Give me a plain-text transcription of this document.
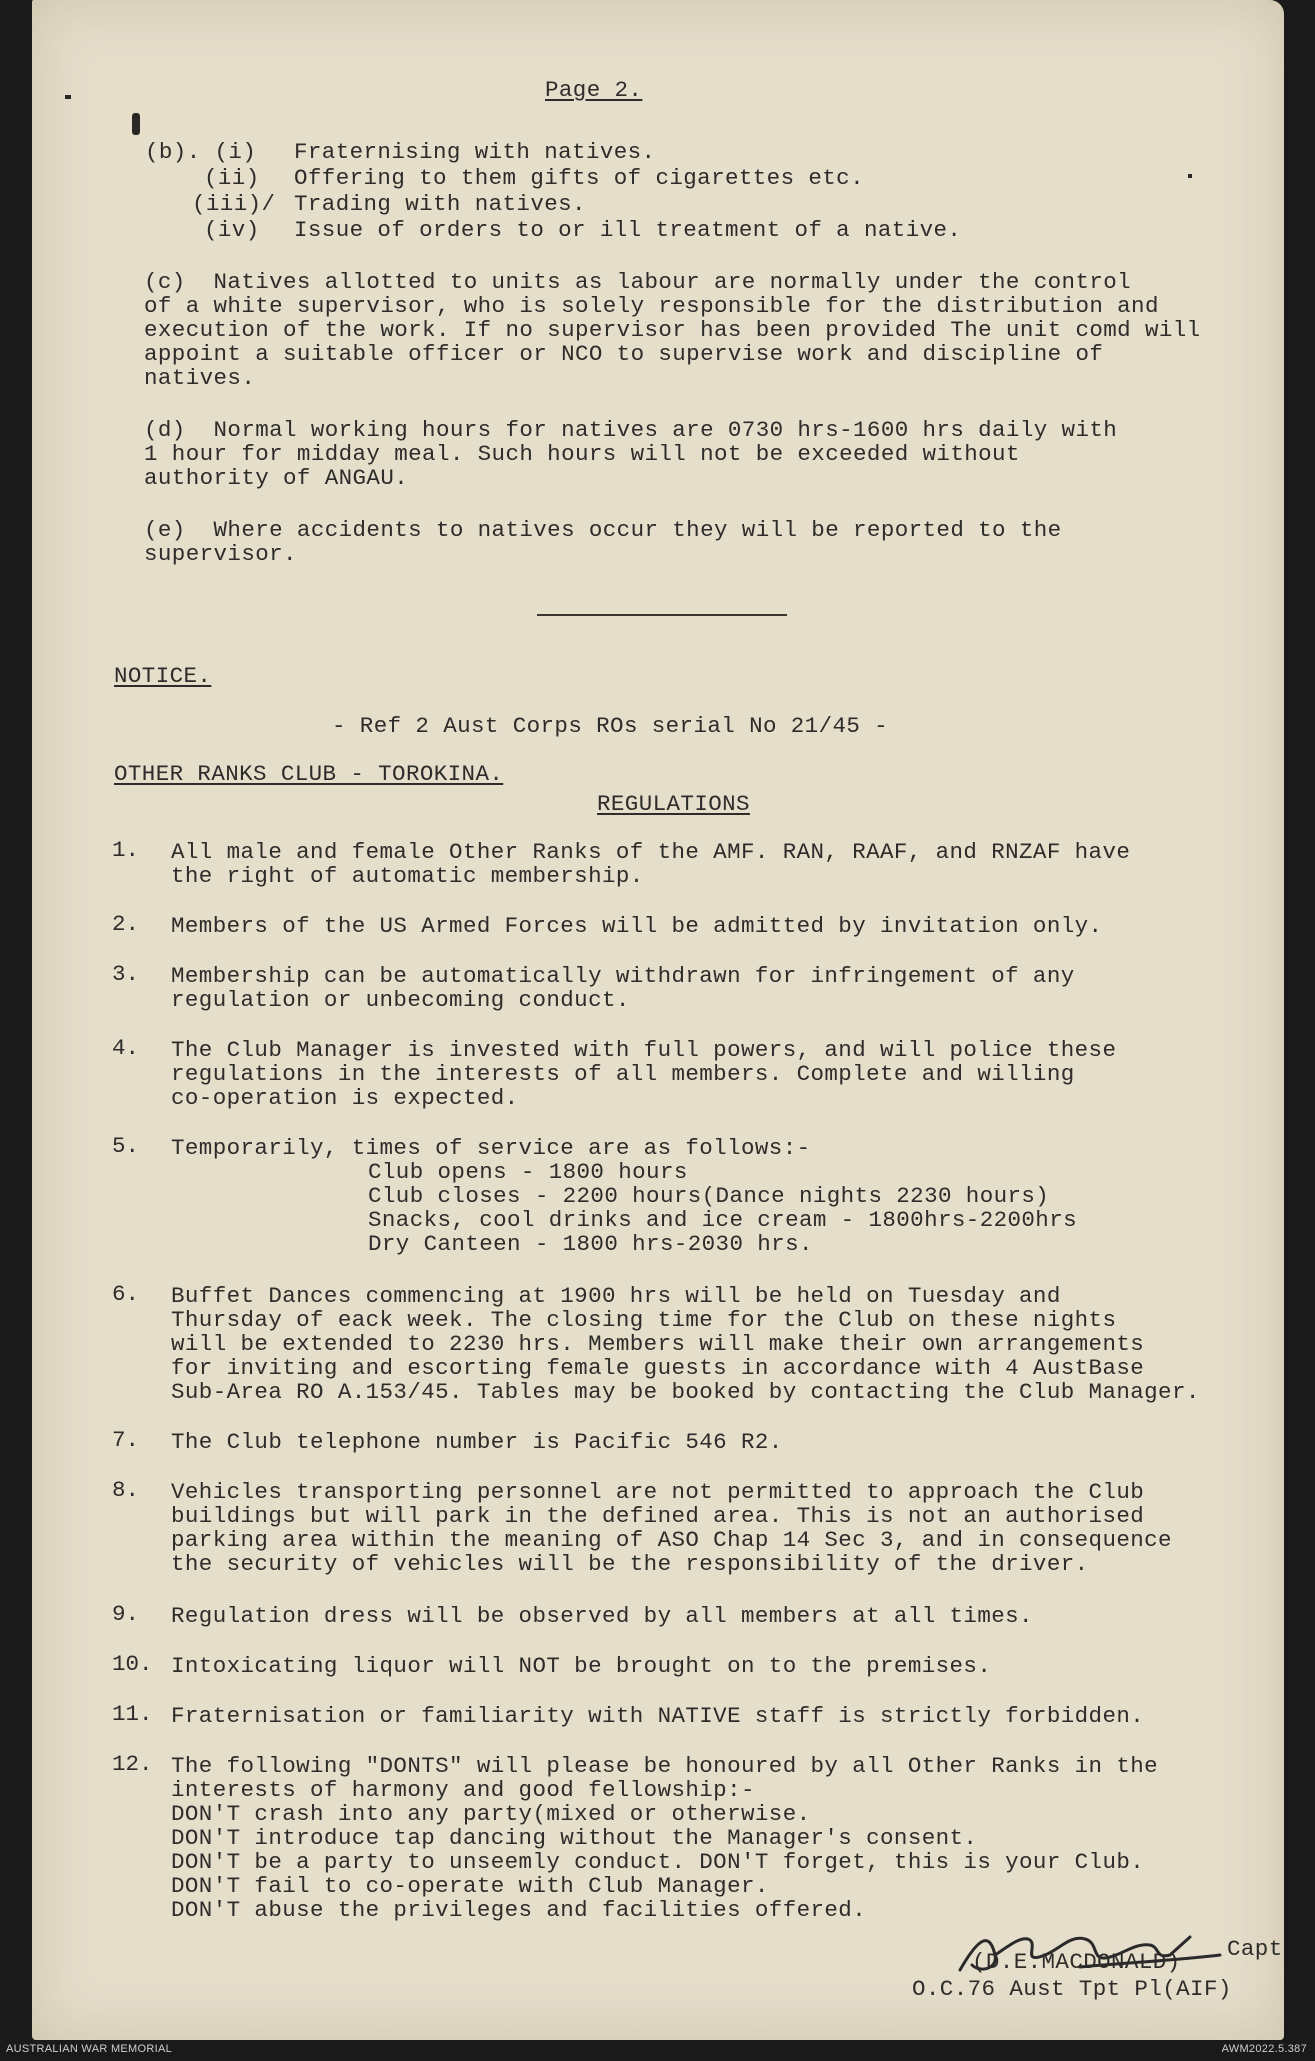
Page 2.
(b). (i) Fraternising with natives.
(ii) Offering to them gifts of cigarettes etc.
(iii)/ Trading with natives.
(iv) Issue of orders to or ill treatment of a native.
(c)  Natives allotted to units as labour are normally under the control
of a white supervisor, who is solely responsible for the distribution and
execution of the work. If no supervisor has been provided The unit comd will
appoint a suitable officer or NCO to supervise work and discipline of
natives.
(d)  Normal working hours for natives are 0730 hrs-1600 hrs daily with
1 hour for midday meal. Such hours will not be exceeded without
authority of ANGAU.
(e)  Where accidents to natives occur they will be reported to the
supervisor.
NOTICE.
- Ref 2 Aust Corps ROs serial No 21/45 -
OTHER RANKS CLUB - TOROKINA.
REGULATIONS
1. All male and female Other Ranks of the AMF. RAN, RAAF, and RNZAF have
the right of automatic membership.
2. Members of the US Armed Forces will be admitted by invitation only.
3. Membership can be automatically withdrawn for infringement of any
regulation or unbecoming conduct.
4. The Club Manager is invested with full powers, and will police these
regulations in the interests of all members. Complete and willing
co-operation is expected.
5. Temporarily, times of service are as follows:-
Club opens - 1800 hours
Club closes - 2200 hours(Dance nights 2230 hours)
Snacks, cool drinks and ice cream - 1800hrs-2200hrs
Dry Canteen - 1800 hrs-2030 hrs.
6. Buffet Dances commencing at 1900 hrs will be held on Tuesday and
Thursday of eack week. The closing time for the Club on these nights
will be extended to 2230 hrs. Members will make their own arrangements
for inviting and escorting female guests in accordance with 4 AustBase
Sub-Area RO A.153/45. Tables may be booked by contacting the Club Manager.
7. The Club telephone number is Pacific 546 R2.
8. Vehicles transporting personnel are not permitted to approach the Club
buildings but will park in the defined area. This is not an authorised
parking area within the meaning of ASO Chap 14 Sec 3, and in consequence
the security of vehicles will be the responsibility of the driver.
9. Regulation dress will be observed by all members at all times.
10. Intoxicating liquor will NOT be brought on to the premises.
11. Fraternisation or familiarity with NATIVE staff is strictly forbidden.
12. The following "DONTS" will please be honoured by all Other Ranks in the
interests of harmony and good fellowship:-
DON'T crash into any party(mixed or otherwise.
DON'T introduce tap dancing without the Manager's consent.
DON'T be a party to unseemly conduct. DON'T forget, this is your Club.
DON'T fail to co-operate with Club Manager.
DON'T abuse the privileges and facilities offered.
(D.E.MACDONALD) Capt
O.C.76 Aust Tpt Pl(AIF)
AUSTRALIAN WAR MEMORIAL	AWM2022.5.387
